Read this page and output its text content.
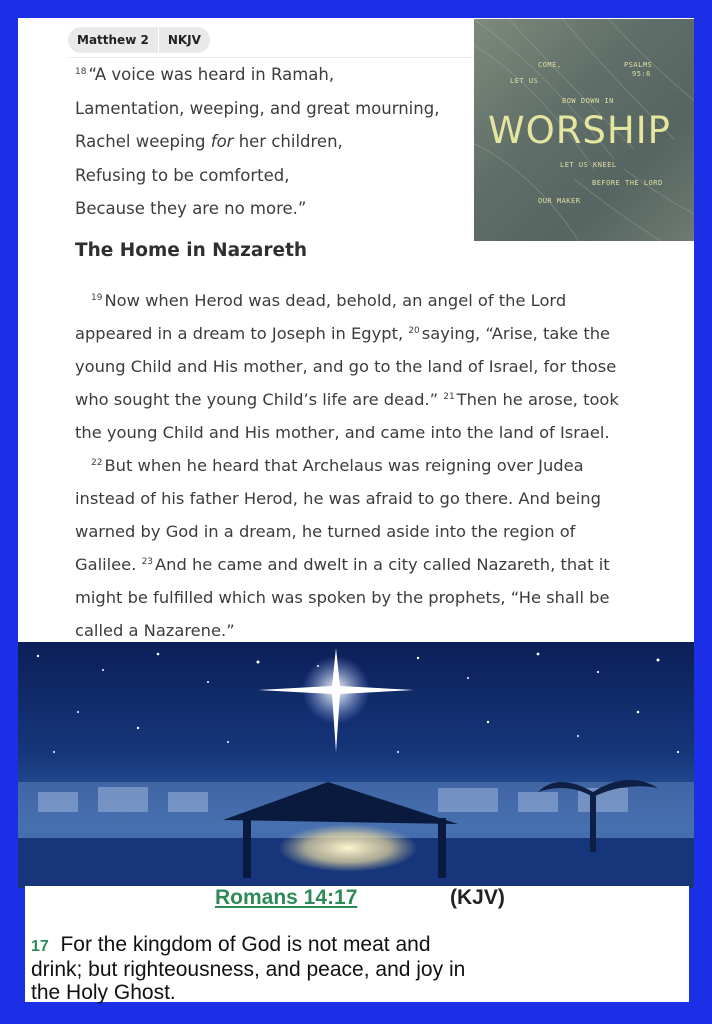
Matthew 2	NKJV
$^{18}$ “A voice was heard in Ramah,
Lamentation, weeping, and great mourning,
Rachel weeping for her children,
Refusing to be comforted,
Because they are no more.”
The Home in Nazareth
$^{19}$ Now when Herod was dead, behold, an angel of the Lord
appeared in a dream to Joseph in Egypt, $^{20}$ saying, “Arise, take the
young Child and His mother, and go to the land of Israel, for those
who sought the young Child’s life are dead.” $^{21}$ Then he arose, took
the young Child and His mother, and came into the land of Israel.
$^{22}$ But when he heard that Archelaus was reigning over Judea
instead of his father Herod, he was afraid to go there. And being
warned by God in a dream, he turned aside into the region of
Galilee. $^{23}$ And he came and dwelt in a city called Nazareth, that it
might be fulfilled which was spoken by the prophets, “He shall be
called a Nazarene.”
COME,
LET US
PSALMS
95:6
BOW DOWN IN
WORSHIP
LET US KNEEL
BEFORE THE LORD
OUR MAKER
Romans 14:17	(KJV)
17 For the kingdom of God is not meat and
drink; but righteousness, and peace, and joy in
the Holy Ghost.
